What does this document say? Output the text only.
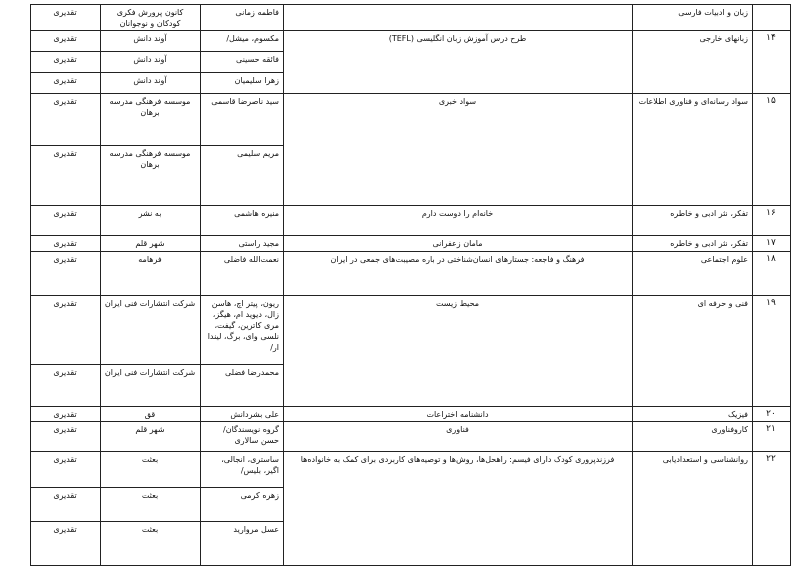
زبان و ادبیات فارسی
فاطمه زمانی
کانون پرورش فکری کودکان و نوجوانان
تقدیری
۱۴
زبانهای خارجی
طرح درس آموزش زبان انگلیسی (TEFL)
مکسوم، میشل/
آوند دانش
تقدیری
فائقه حسینی
آوند دانش
تقدیری
زهرا سلیمیان
آوند دانش
تقدیری
۱۵
سواد رسانه‌ای و فناوری اطلاعات
سواد خبری
سید ناصرضا قاسمی
موسسه فرهنگی مدرسه برهان
تقدیری
مریم سلیمی
موسسه فرهنگی مدرسه برهان
تقدیری
۱۶
تفکر، نثر ادبی و خاطره
خانه‌ام را دوست دارم
منیره هاشمی
به نشر
تقدیری
۱۷
تفکر، نثر ادبی و خاطره
مامان زعفرانی
مجید راستی
شهر قلم
تقدیری
۱۸
علوم اجتماعی
فرهنگ و فاجعه: جستارهای انسان‌شناختی در باره مصیبت‌های جمعی در ایران
نعمت‌الله فاضلی
فرهامه
تقدیری
۱۹
فنی و حرفه ای
محیط زیست
ریون، پیتر اچ، هاسن زال، دیوید ام، هیگز، مری کاترین، گیفت، نلسی وای، برگ، لیندا ار/
شرکت انتشارات فنی ایران
تقدیری
محمدرضا فضلی
شرکت انتشارات فنی ایران
تقدیری
۲۰
فیزیک
دانشنامه اختراعات
علی بشردانش
قق
تقدیری
۲۱
کاروفناوری
فناوری
گروه نویسندگان/ حسن سالاری
شهر قلم
تقدیری
۲۲
روانشناسی و استعدادیابی
فرزندپروری کودک دارای فیسم: راهحل‌ها، روش‌ها و توصیه‌های کاربردی برای کمک به خانواده‌ها
ساستری، انجالی، اگیر، بلیس/
بعثت
تقدیری
زهره کرمی
بعثت
تقدیری
عسل مروارید
بعثت
تقدیری
